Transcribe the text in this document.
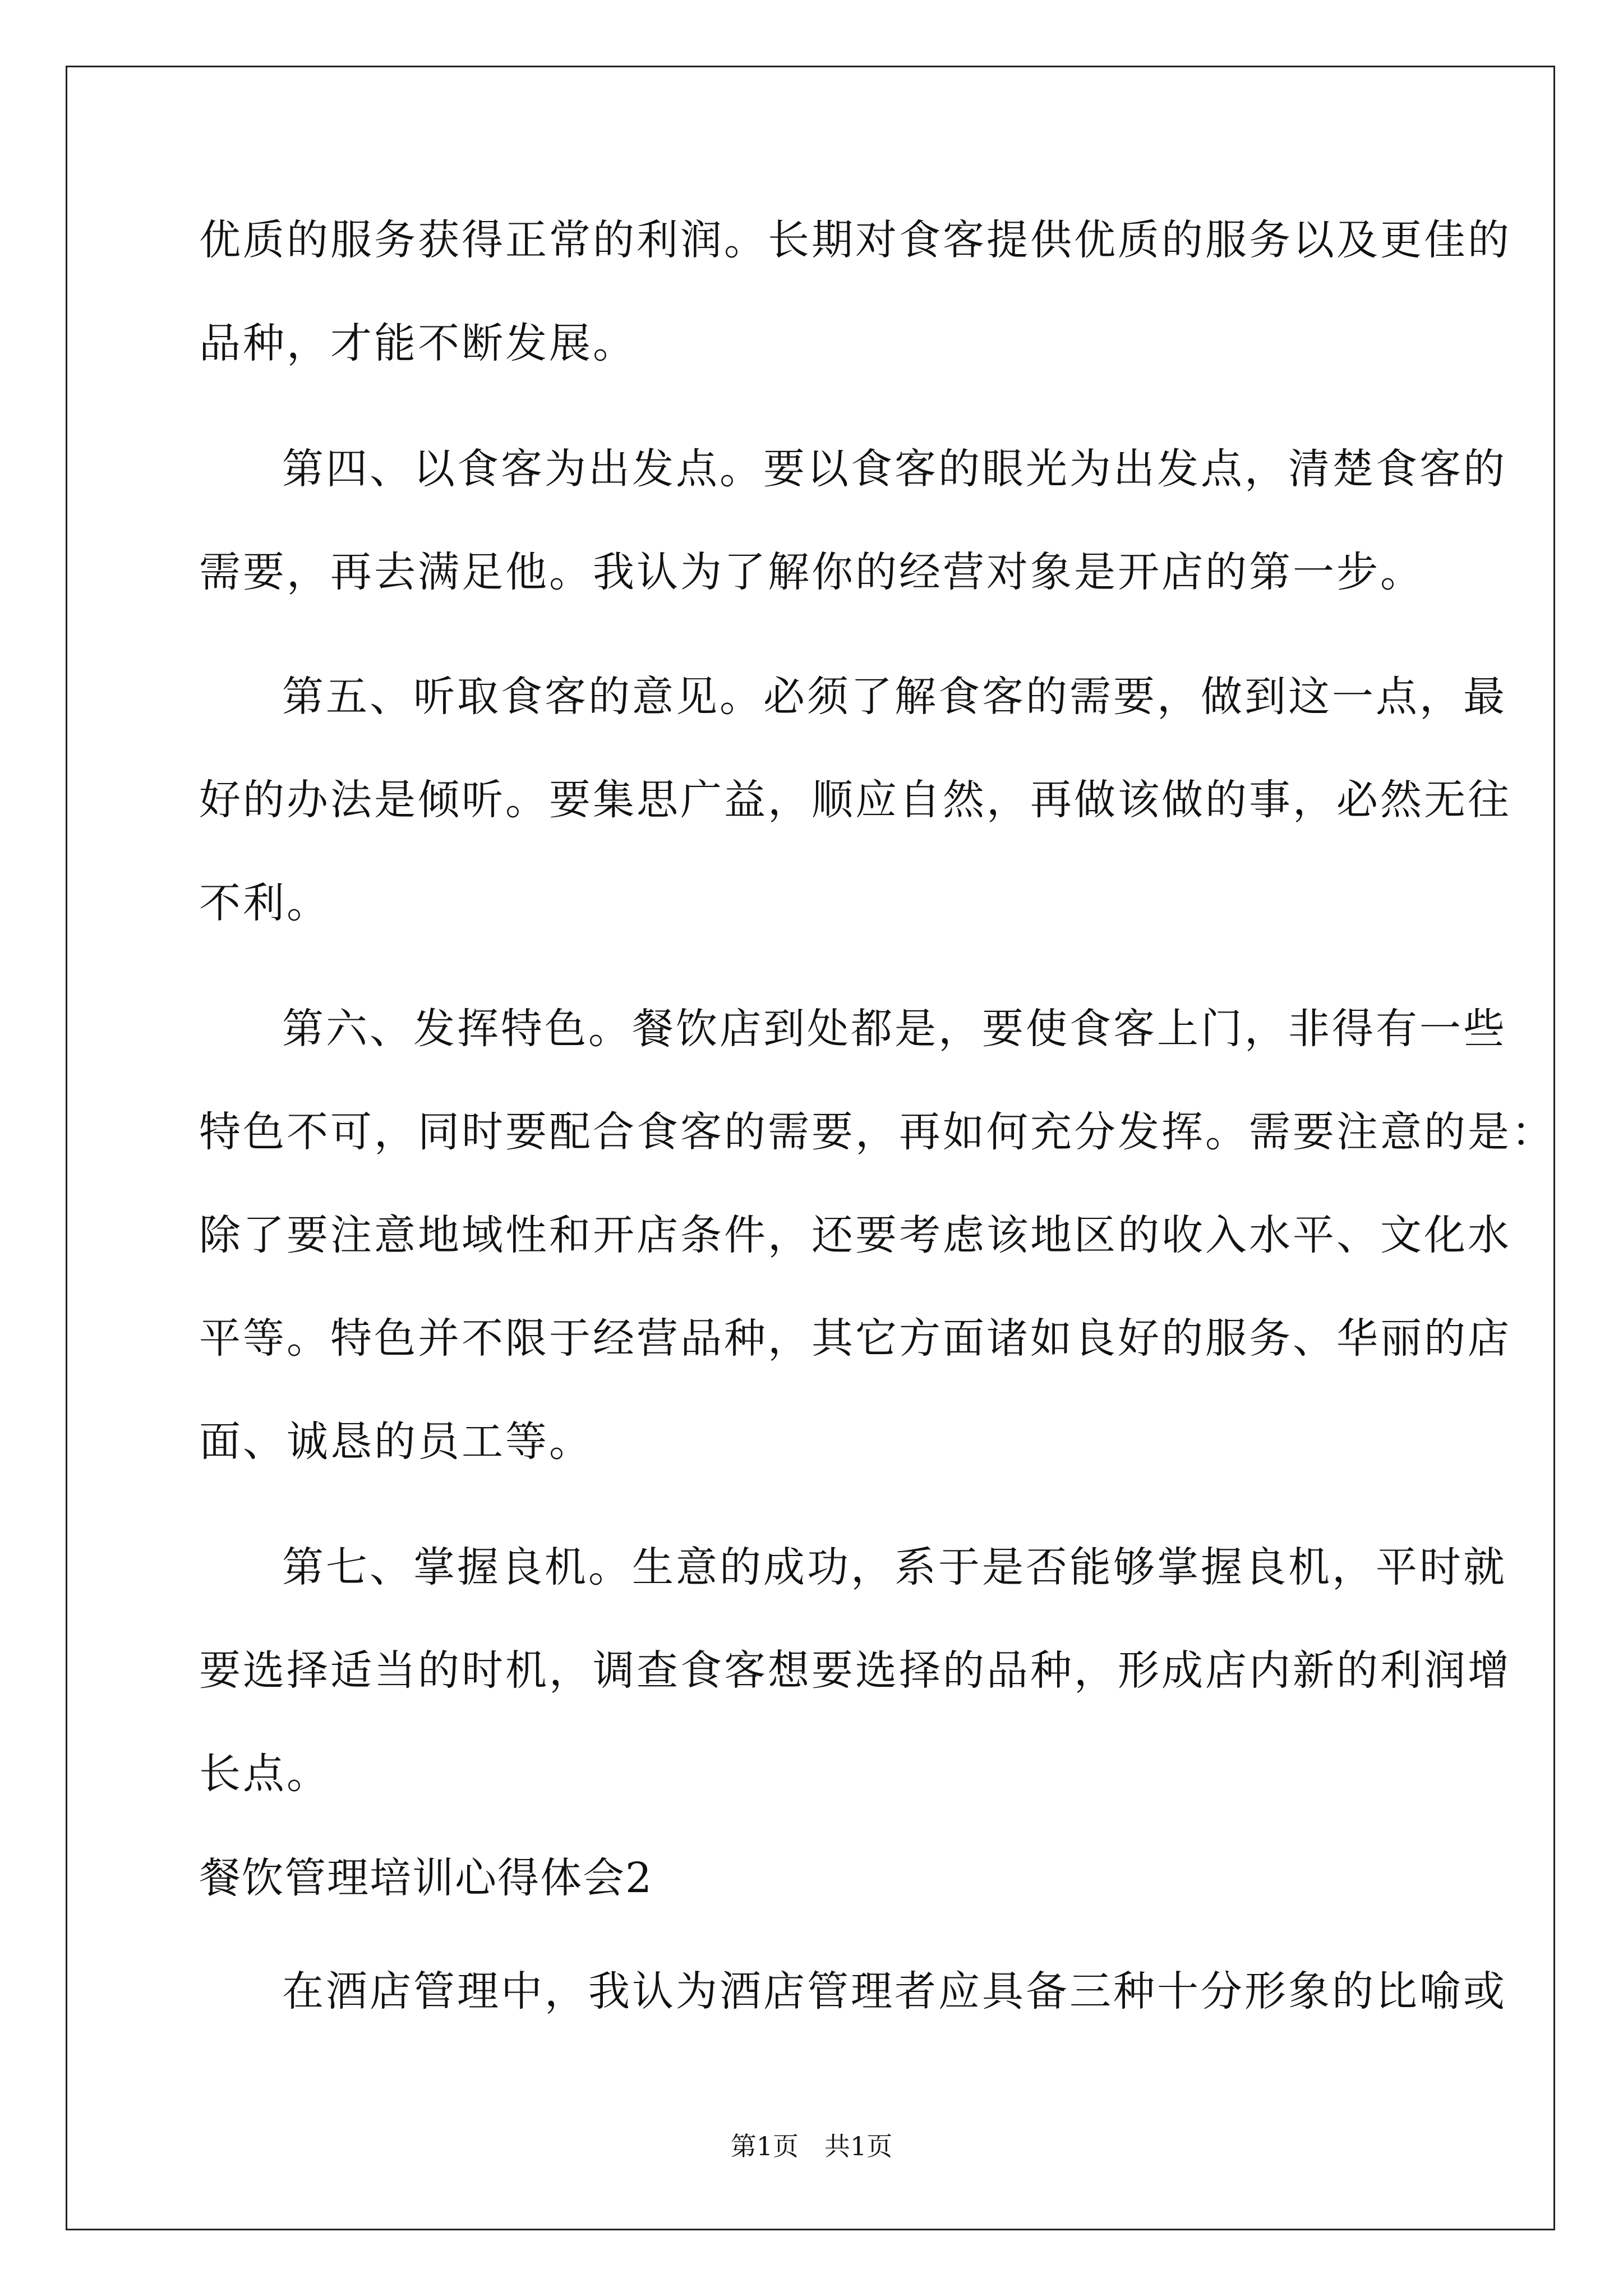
优质的服务获得正常的利润。长期对食客提供优质的服务以及更佳的
品种，才能不断发展。
第四、以食客为出发点。要以食客的眼光为出发点，清楚食客的
需要，再去满足他。我认为了解你的经营对象是开店的第一步。
第五、听取食客的意见。必须了解食客的需要，做到这一点，最
好的办法是倾听。要集思广益，顺应自然，再做该做的事，必然无往
不利。
第六、发挥特色。餐饮店到处都是，要使食客上门，非得有一些
特色不可，同时要配合食客的需要，再如何充分发挥。需要注意的是：
除了要注意地域性和开店条件，还要考虑该地区的收入水平、文化水
平等。特色并不限于经营品种，其它方面诸如良好的服务、华丽的店
面、诚恳的员工等。
第七、掌握良机。生意的成功，系于是否能够掌握良机，平时就
要选择适当的时机，调查食客想要选择的品种，形成店内新的利润增
长点。
餐饮管理培训心得体会2
在酒店管理中，我认为酒店管理者应具备三种十分形象的比喻或
第1页　共1页
